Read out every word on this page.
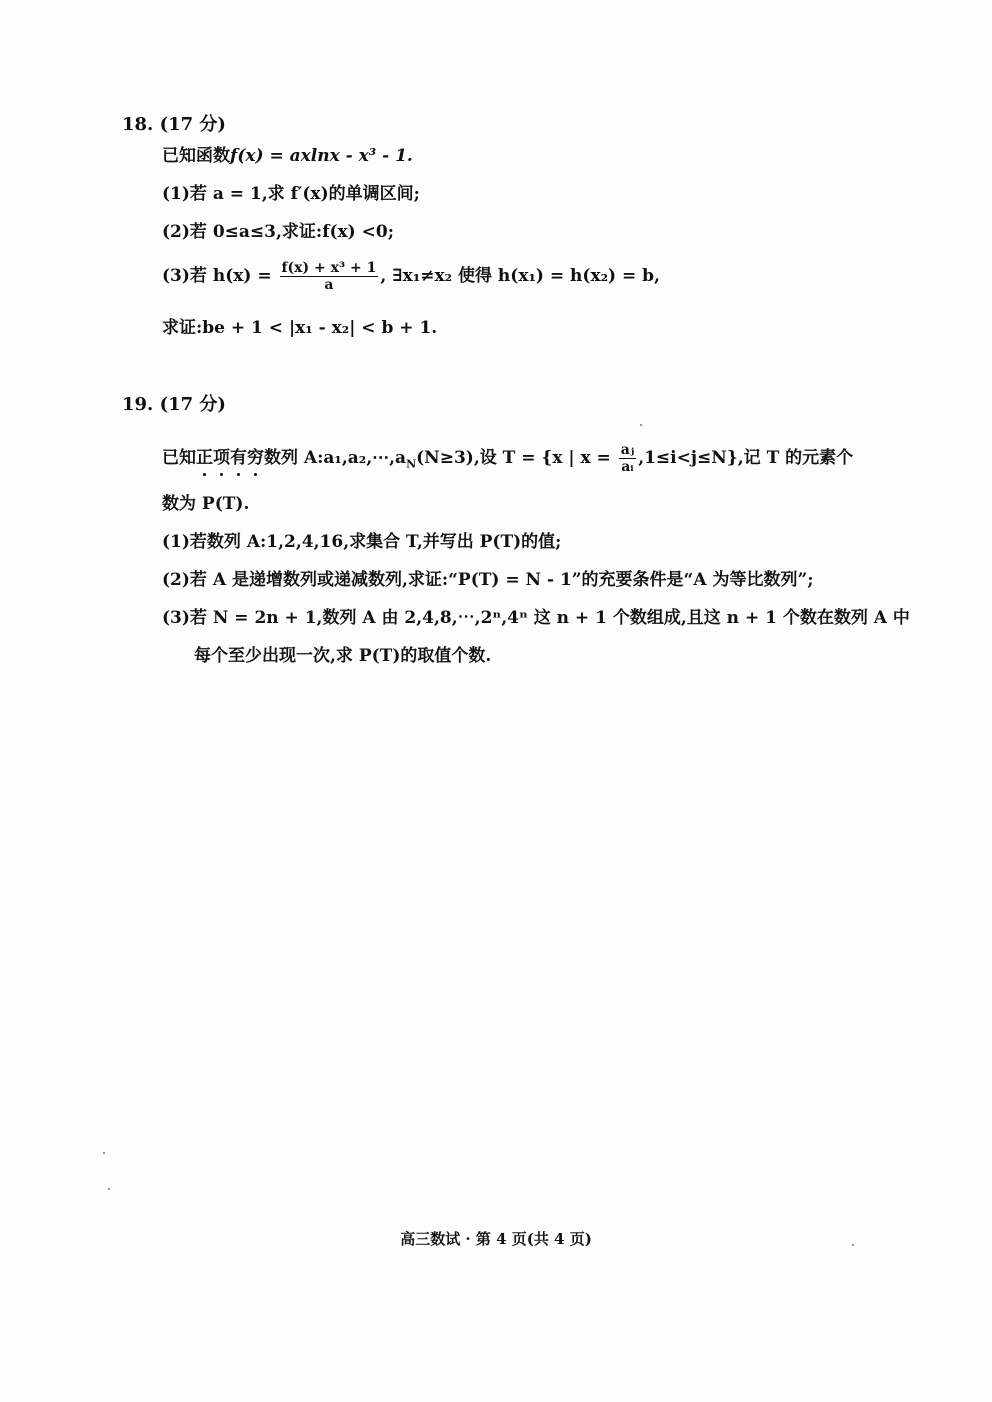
18. (17 分)
已知函数f(x) = axlnx - x³ - 1.
(1)若 a = 1,求 f′(x)的单调区间;
(2)若 0≤a≤3,求证:f(x) <0;
(3)若 $h(x) = \frac{\text{f(x) + x³ + 1}}{a}$ , ∃x₁≠x₂ 使得 h(x₁) = h(x₂) = b,
求证:be + 1 < |x₁ - x₂| < b + 1.
19. (17 分)
已知正项有穷数列 $A:a_1,a_2,\cdots,a_N(N\ge 3)$,设 T = {x | $x = \frac{\text{aⱼ}}{\text{aᵢ}} ,1\le i<j\le N$},记 T 的元素个
数为 P(T).
(1)若数列 A:1,2,4,16,求集合 T,并写出 P(T)的值;
(2)若 A 是递增数列或递减数列,求证:“P(T) = N - 1”的充要条件是“A 为等比数列”;
(3)若 N = 2n + 1,数列 A 由 2,4,8,⋯,2ⁿ,4ⁿ 这 n + 1 个数组成,且这 n + 1 个数在数列 A 中
每个至少出现一次,求 P(T)的取值个数.
高三数试 · 第 4 页(共 4 页)
